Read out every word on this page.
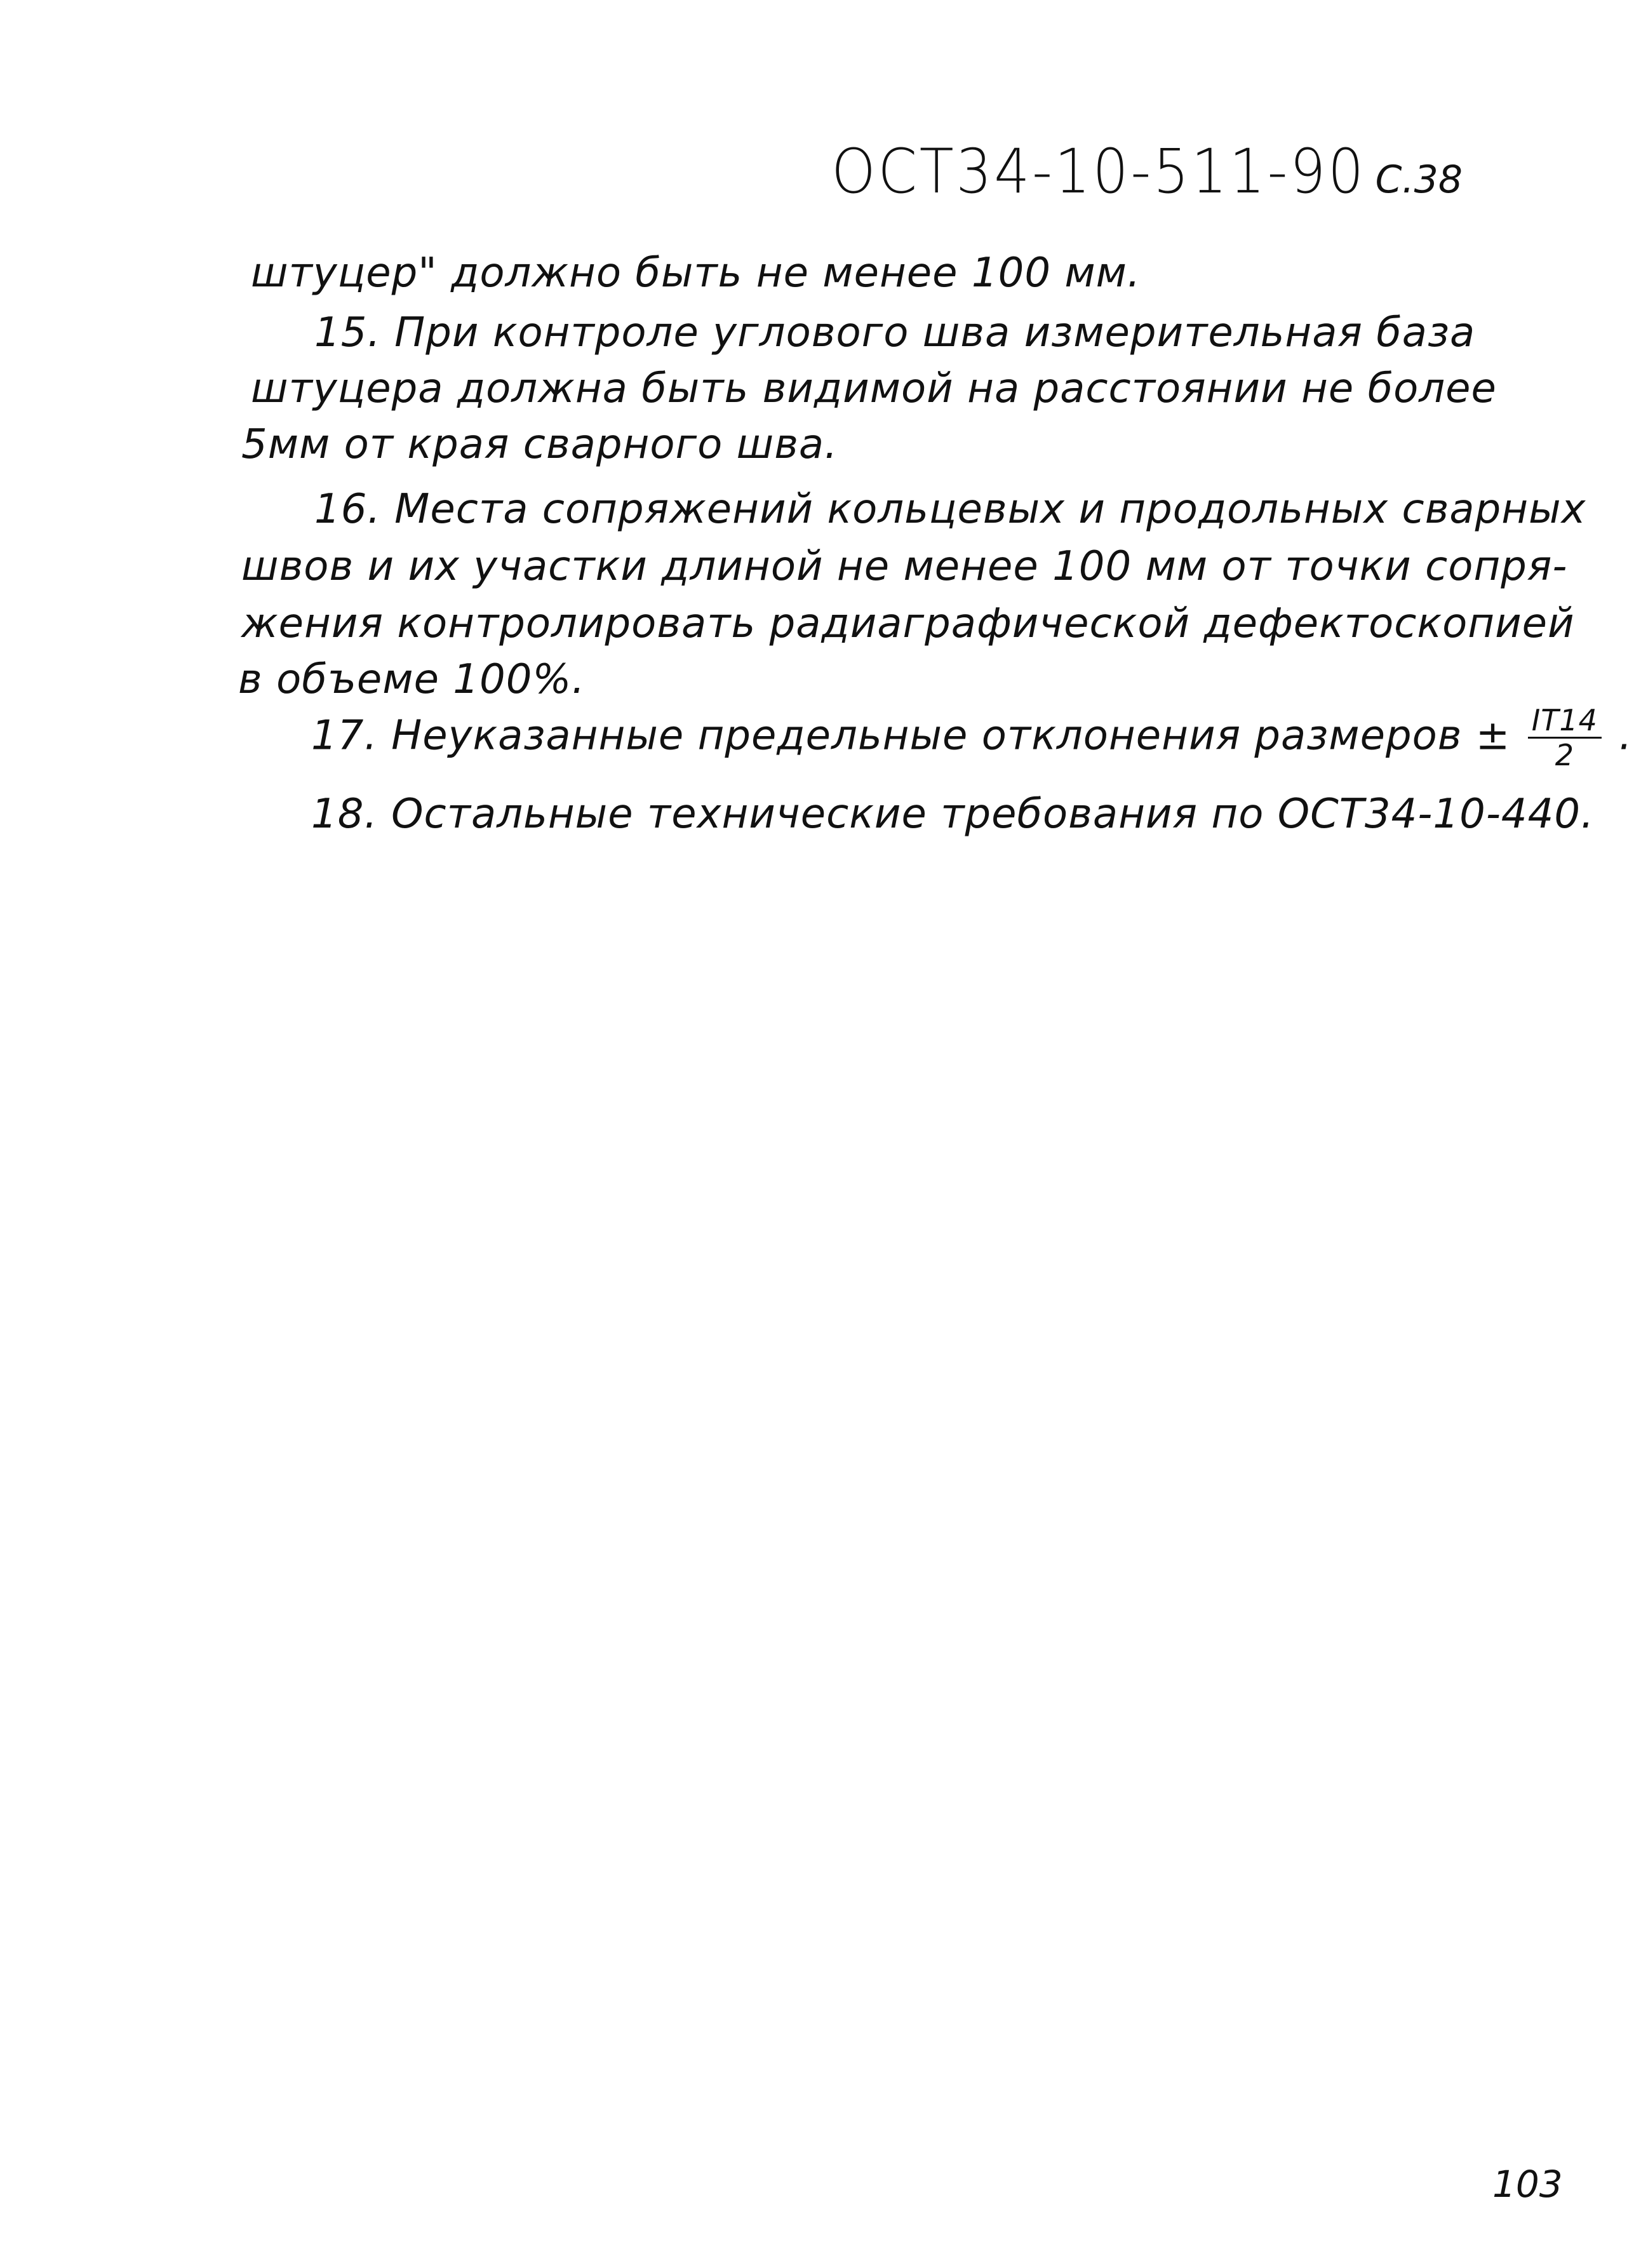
ОСТ34-10-511-90 С.38
штуцер" должно быть не менее 100 мм.
15. При контроле углового шва измерительная база
штуцера должна быть видимой на расстоянии не более
5мм от края сварного шва.
16. Места сопряжений кольцевых и продольных сварных
швов и их участки длиной не менее 100 мм от точки сопря-
жения контролировать радиаграфической дефектоскопией
в объеме 100%.
17. Неуказанные предельные отклонения размеров ± $\frac{IT14}{2}$ .
18. Остальные технические требования по ОСТ34-10-440.
103
